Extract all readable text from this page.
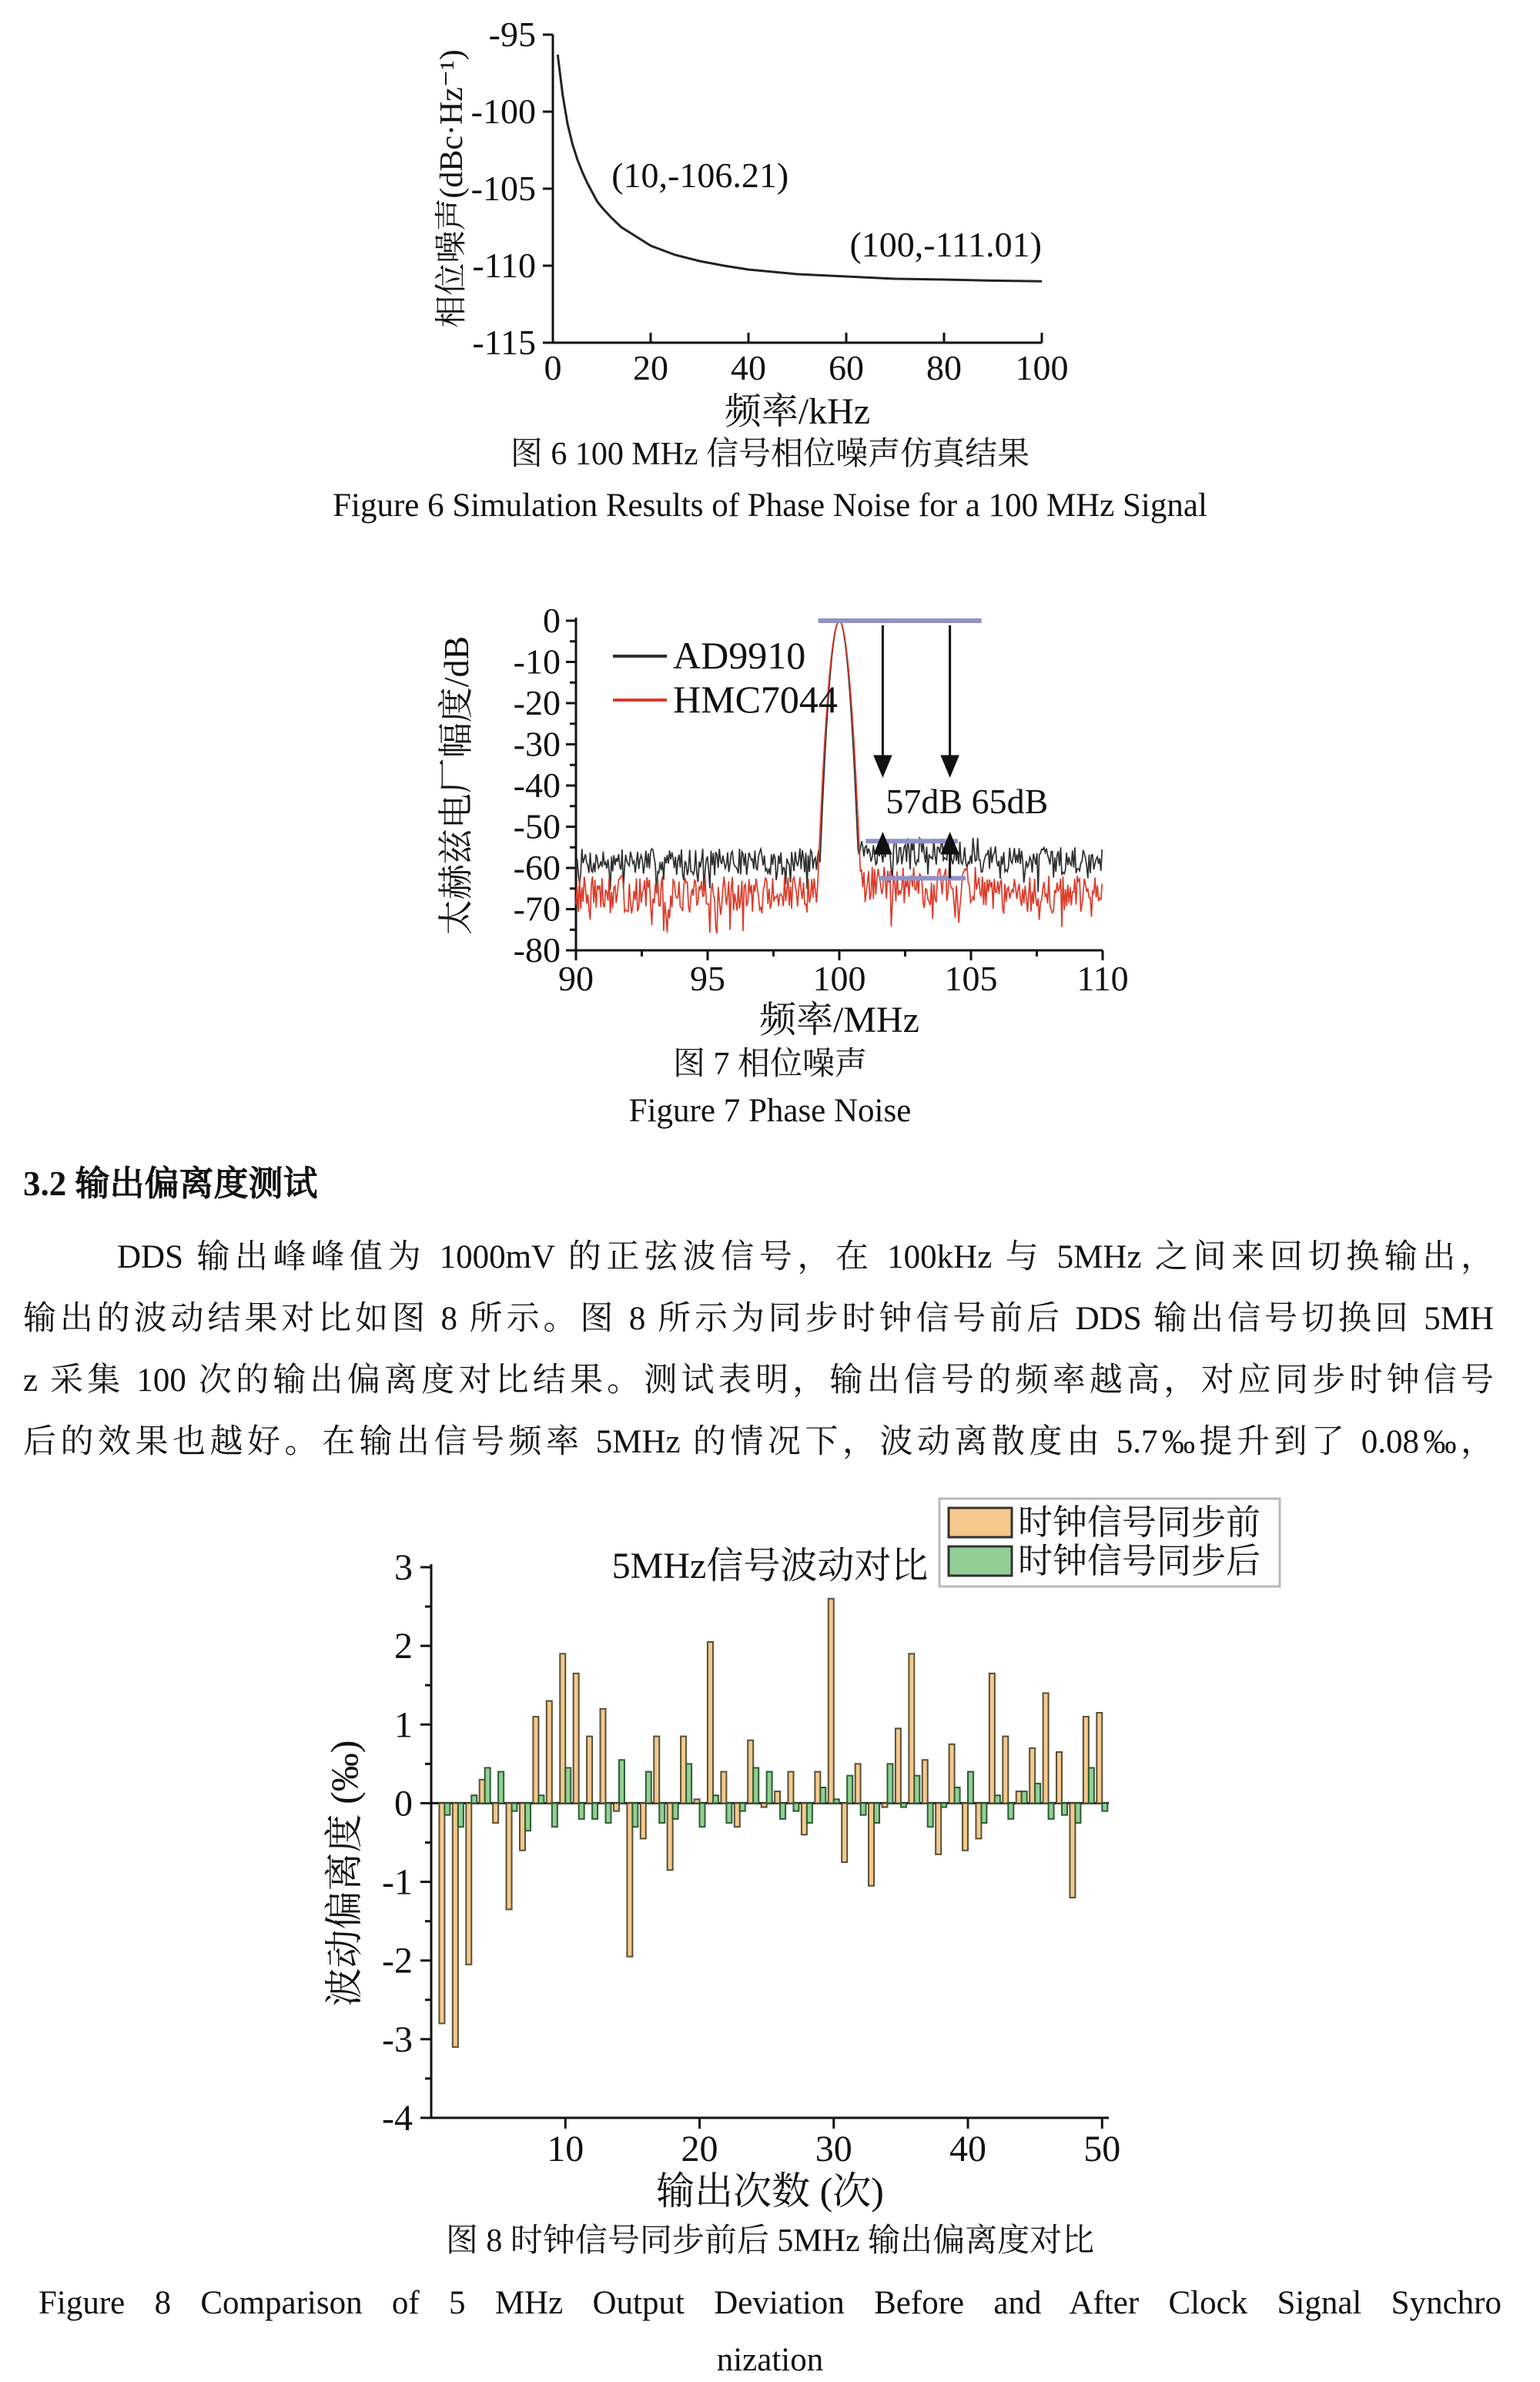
-95
-100
-105
-110
-115
0 20 40 60 80 100
频率/kHz
相位噪声(dBc·Hz⁻¹)	(10,-106.21)
(100,-111.01)
图 6 100 MHz 信号相位噪声仿真结果
Figure 6 Simulation Results of Phase Noise for a 100 MHz Signal
0
-10
-20
-30
-40
-50
-60
-70
-80
90	95 100 105 110
频率/MHz
太赫兹电厂幅度/dB	AD9910
HMC7044
57dB 65dB
图 7 相位噪声
Figure 7 Phase Noise
3.2 输出偏离度测试
DDS 输出峰峰值为 1000mV 的正弦波信号，在 100kHz 与 5MHz 之间来回切换输出，
输出的波动结果对比如图 8 所示。图 8 所示为同步时钟信号前后 DDS 输出信号切换回 5MH
z 采集 100 次的输出偏离度对比结果。测试表明，输出信号的频率越高，对应同步时钟信号
后的效果也越好。在输出信号频率 5MHz 的情况下，波动离散度由 5.7‰提升到了 0.08‰，
3
2
1
0
-1
-2
-3
-4
10	20	30	40	50
输出次数 (次)
波动偏离度 (‰)
5MHz信号波动对比
时钟信号同步前
时钟信号同步后
图 8 时钟信号同步前后 5MHz 输出偏离度对比
Figure 8 Comparison of 5 MHz Output Deviation Before and After Clock Signal Synchro
nization
